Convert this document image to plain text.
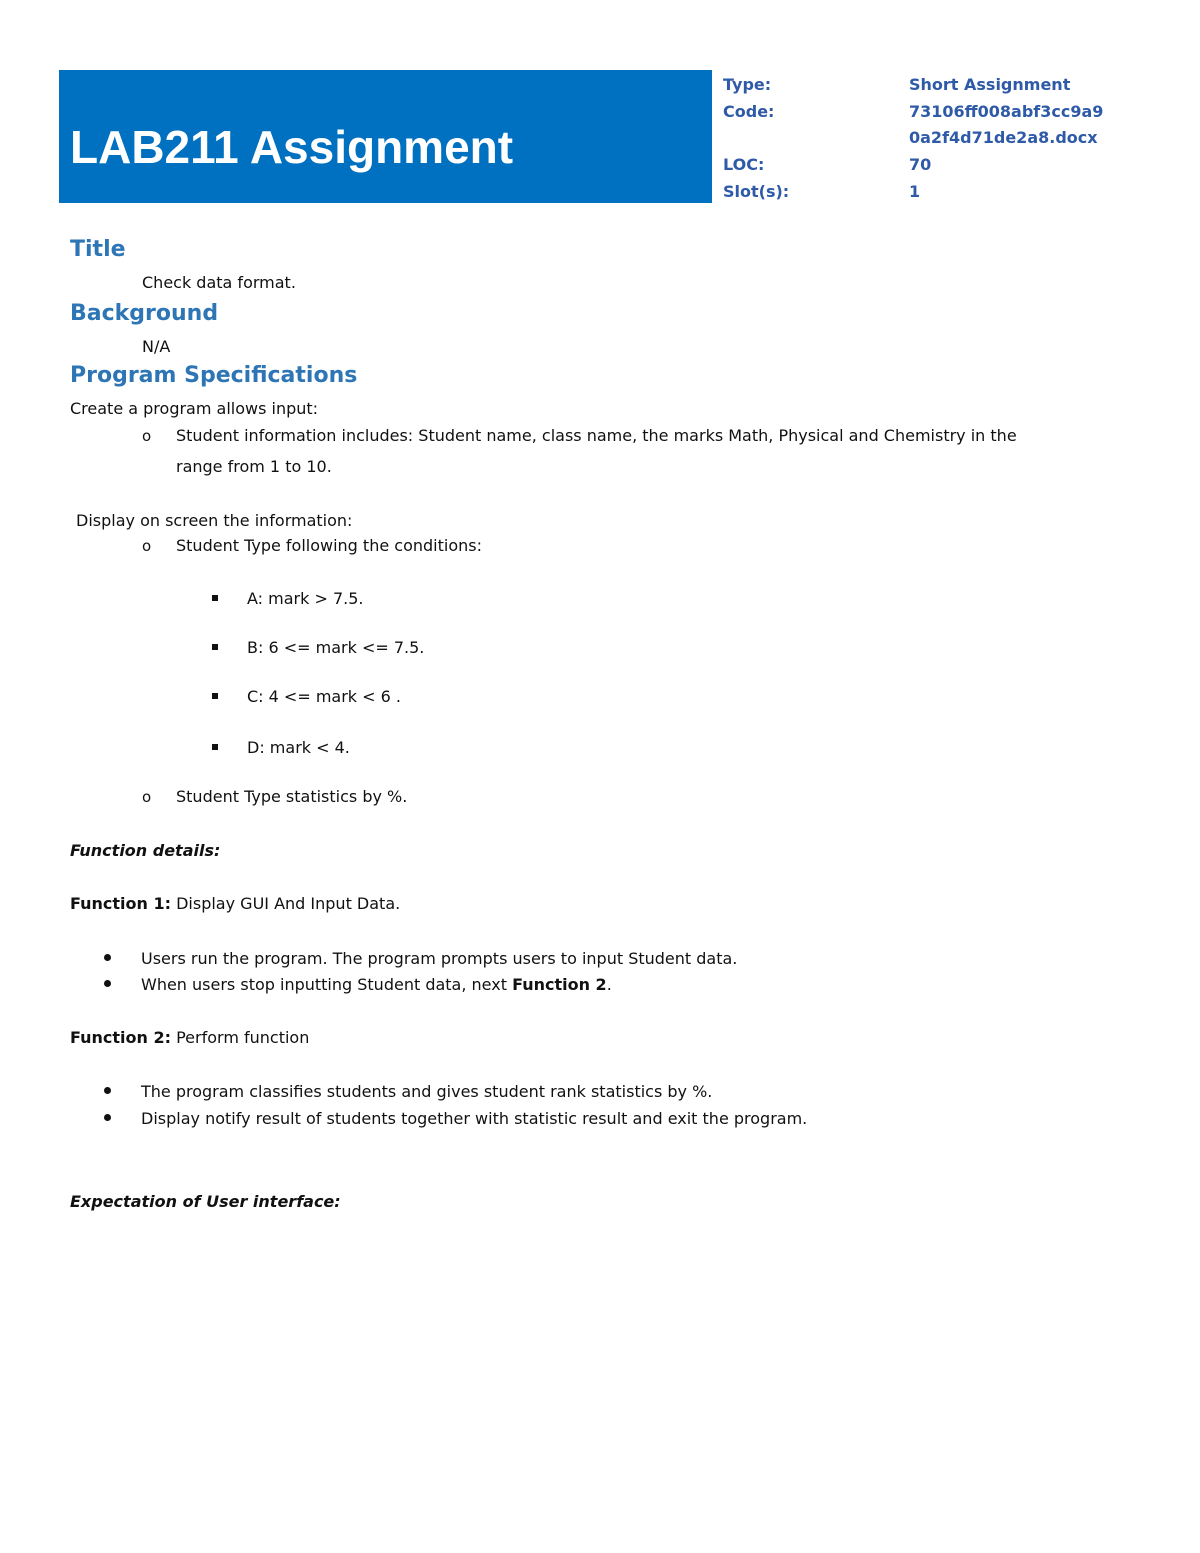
LAB211 Assignment
Type:	Short Assignment
Code:	73106ff008abf3cc9a9
0a2f4d71de2a8.docx
LOC:	70
Slot(s):	1
Title
Check data format.
Background
N/A
Program Specifications
Create a program allows input:
o Student information includes: Student name, class name, the marks Math, Physical and Chemistry in the
range from 1 to 10.
Display on screen the information:
o Student Type following the conditions:
A: mark > 7.5.
B: 6 <= mark <= 7.5.
C: 4 <= mark < 6 .
D: mark < 4.
o Student Type statistics by %.
Function details:
Function 1: Display GUI And Input Data.
Users run the program. The program prompts users to input Student data.
When users stop inputting Student data, next Function 2.
Function 2: Perform function
The program classifies students and gives student rank statistics by %.
Display notify result of students together with statistic result and exit the program.
Expectation of User interface:
